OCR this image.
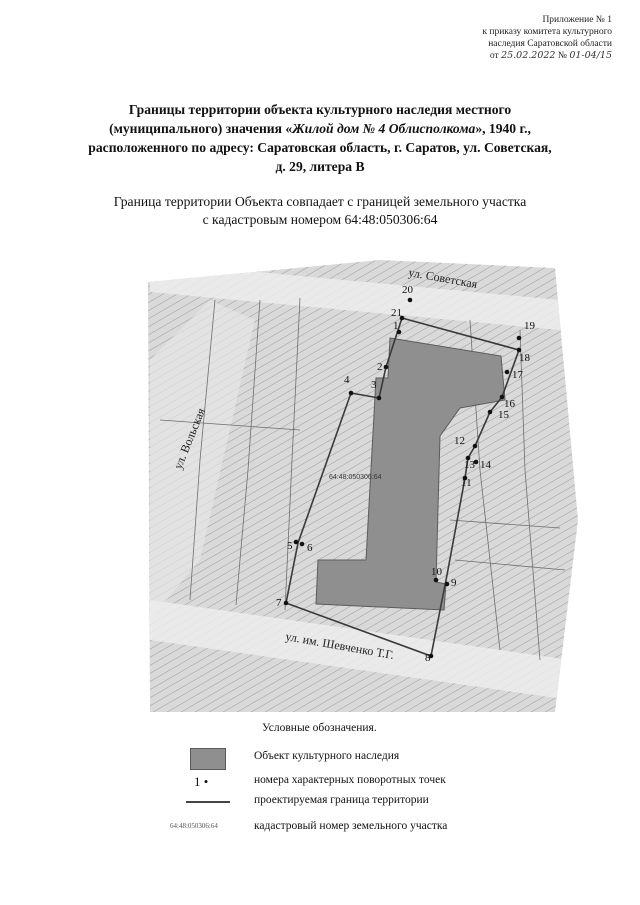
Приложение № 1
к приказу комитета культурного
наследия Саратовской области
от 25.02.2022 № 01-04/15
Границы территории объекта культурного наследия местного
(муниципального) значения «Жилой дом № 4 Облисполкома», 1940 г.,
расположенного по адресу: Саратовская область, г. Саратов, ул. Советская,
д. 29, литера В
Граница территории Объекта совпадает с границей земельного участка
с кадастровым номером 64:48:050306:64
1
2
3
4
5 6
7
8
9
10
11
12
13 14
15
16
17
18
19
20
21
ул. Советская
ул. Вольская
ул. им. Шевченко Т.Г.
64:48:050306:64
Условные обозначения.
Объект культурного наследия
1 •	номера характерных поворотных точек
проектируемая граница территории
64:48:050306:64	кадастровый номер земельного участка
